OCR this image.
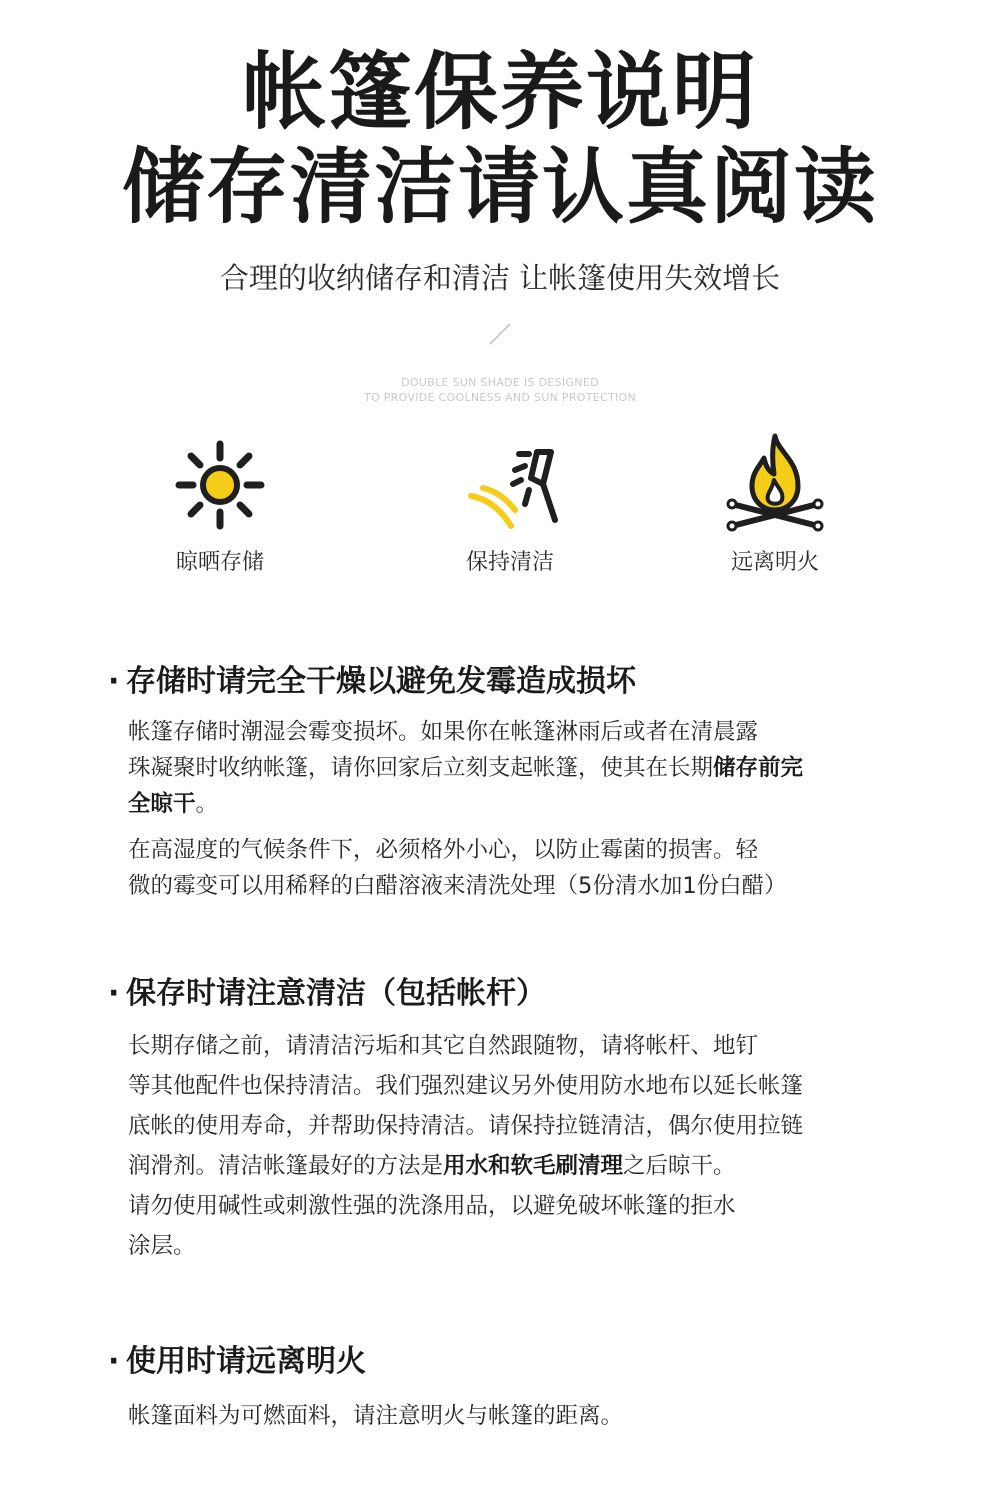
帐篷保养说明
储存清洁请认真阅读
合理的收纳储存和清洁 让帐篷使用失效增长
DOUBLE SUN SHADE IS DESIGNED
TO PROVIDE COOLNESS AND SUN PROTECTION
晾晒存储	保持清洁	远离明火
· 存储时请完全干燥以避免发霉造成损坏
帐篷存储时潮湿会霉变损坏。如果你在帐篷淋雨后或者在清晨露
珠凝聚时收纳帐篷，请你回家后立刻支起帐篷，使其在长期储存前完
全晾干。
在高湿度的气候条件下，必须格外小心，以防止霉菌的损害。轻
微的霉变可以用稀释的白醋溶液来清洗处理（5份清水加1份白醋）
· 保存时请注意清洁（包括帐杆）
长期存储之前，请清洁污垢和其它自然跟随物，请将帐杆、地钉
等其他配件也保持清洁。我们强烈建议另外使用防水地布以延长帐篷
底帐的使用寿命，并帮助保持清洁。请保持拉链清洁，偶尔使用拉链
润滑剂。清洁帐篷最好的方法是用水和软毛刷清理之后晾干。
请勿使用碱性或刺激性强的洗涤用品，以避免破坏帐篷的拒水
涂层。
· 使用时请远离明火
帐篷面料为可燃面料，请注意明火与帐篷的距离。
